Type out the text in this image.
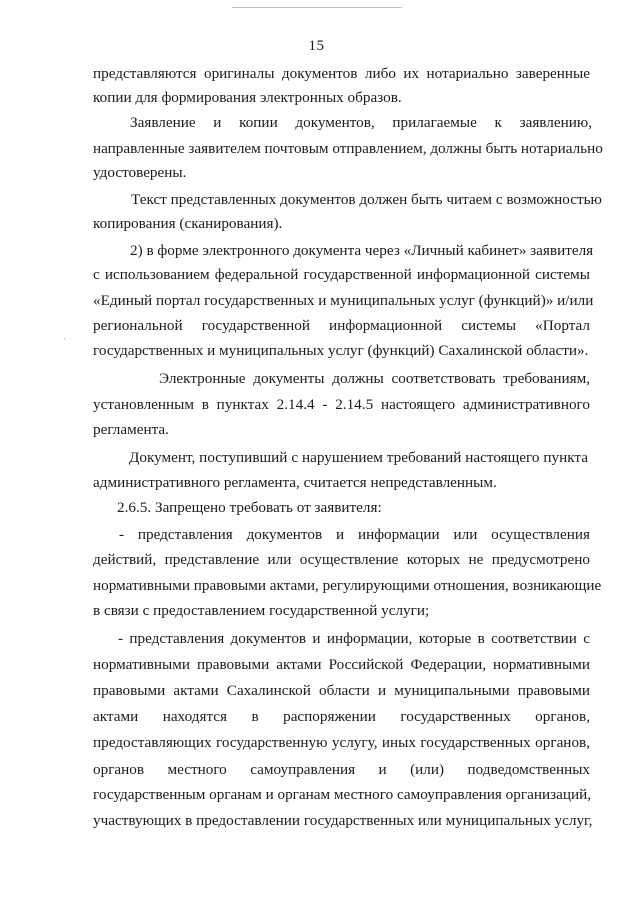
·
15
представляются оригиналы документов либо их нотариально заверенные
копии для формирования электронных образов.
Заявление и копии документов, прилагаемые к заявлению,
направленные заявителем почтовым отправлением, должны быть нотариально
удостоверены.
Текст представленных документов должен быть читаем с возможностью
копирования (сканирования).
2) в форме электронного документа через «Личный кабинет» заявителя
с использованием федеральной государственной информационной системы
«Единый портал государственных и муниципальных услуг (функций)» и/или
региональной государственной информационной системы «Портал
государственных и муниципальных услуг (функций) Сахалинской области».
Электронные документы должны соответствовать требованиям,
установленным в пунктах 2.14.4 - 2.14.5 настоящего административного
регламента.
Документ, поступивший с нарушением требований настоящего пункта
административного регламента, считается непредставленным.
2.6.5. Запрещено требовать от заявителя:
- представления документов и информации или осуществления
действий, представление или осуществление которых не предусмотрено
нормативными правовыми актами, регулирующими отношения, возникающие
в связи с предоставлением государственной услуги;
- представления документов и информации, которые в соответствии с
нормативными правовыми актами Российской Федерации, нормативными
правовыми актами Сахалинской области и муниципальными правовыми
актами находятся в распоряжении государственных органов,
предоставляющих государственную услугу, иных государственных органов,
органов местного самоуправления и (или) подведомственных
государственным органам и органам местного самоуправления организаций,
участвующих в предоставлении государственных или муниципальных услуг,
